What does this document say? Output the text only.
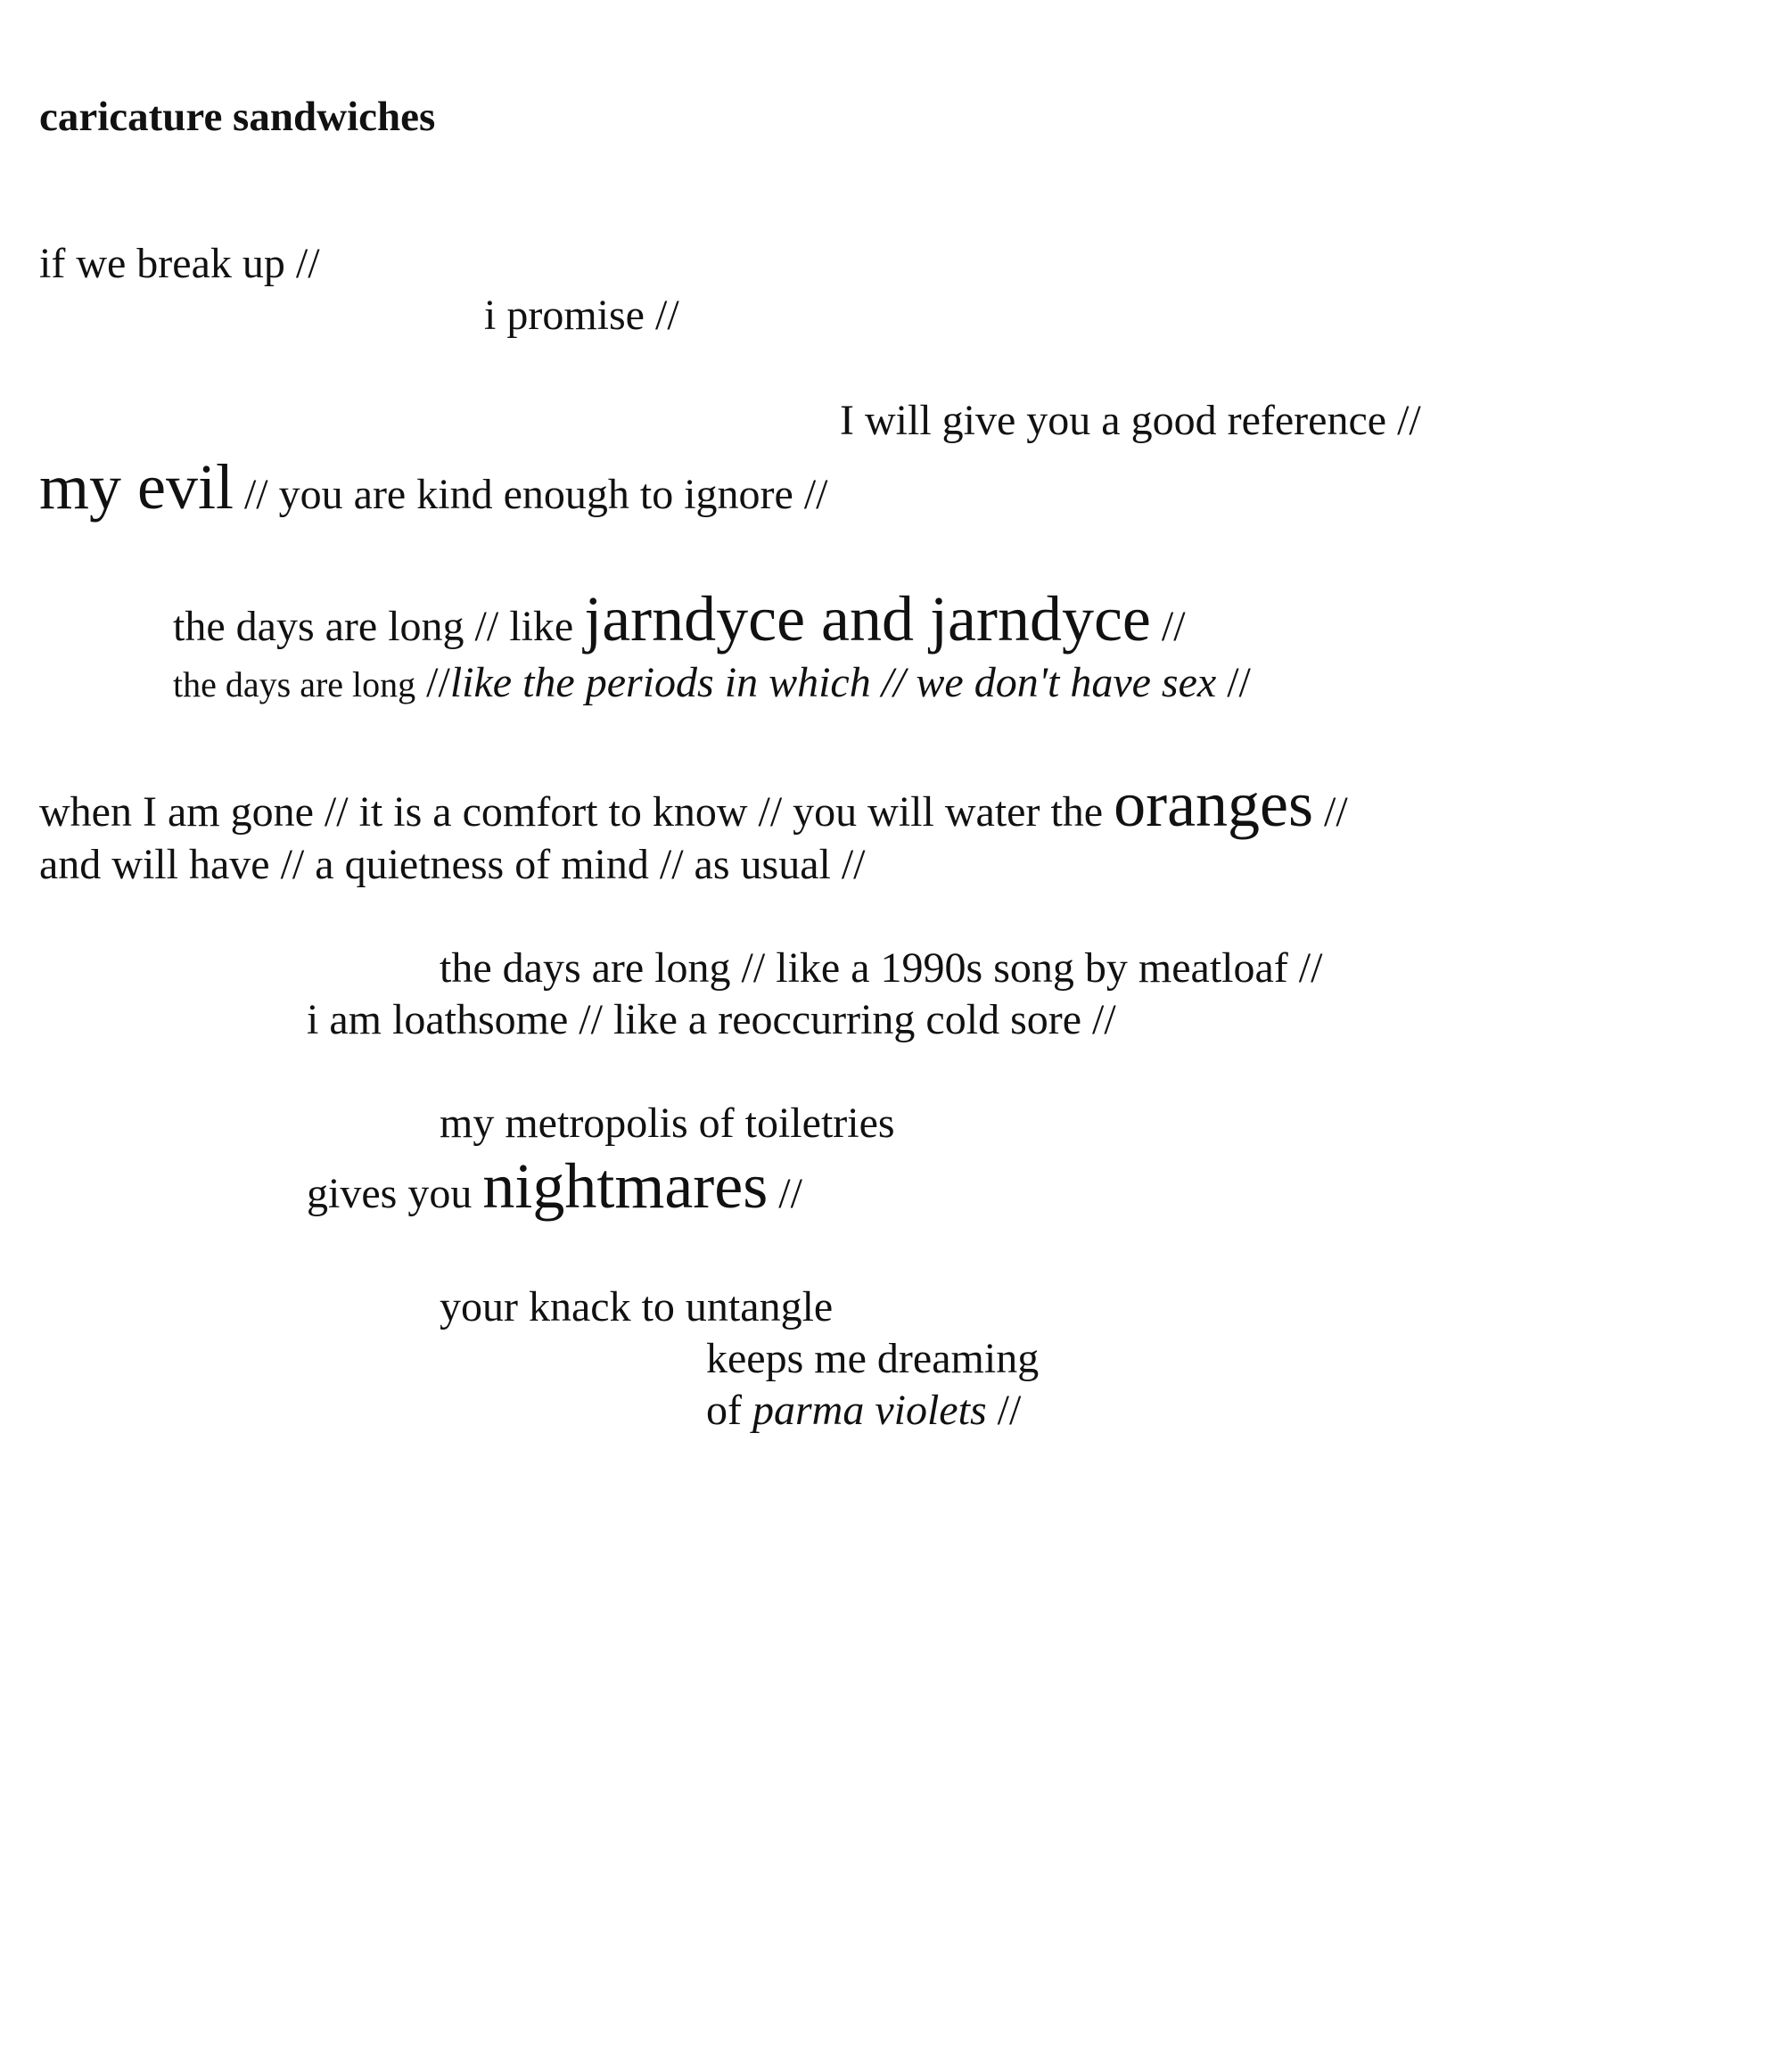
caricature sandwiches
if we break up //
i promise //
I will give you a good reference //
my evil // you are kind enough to ignore //
the days are long // like jarndyce and jarndyce //
the days are long //like the periods in which // we don't have sex //
when I am gone // it is a comfort to know // you will water the oranges //
and will have // a quietness of mind // as usual //
the days are long // like a 1990s song by meatloaf //
i am loathsome // like a reoccurring cold sore //
my metropolis of toiletries
gives you nightmares //
your knack to untangle
keeps me dreaming
of parma violets //
